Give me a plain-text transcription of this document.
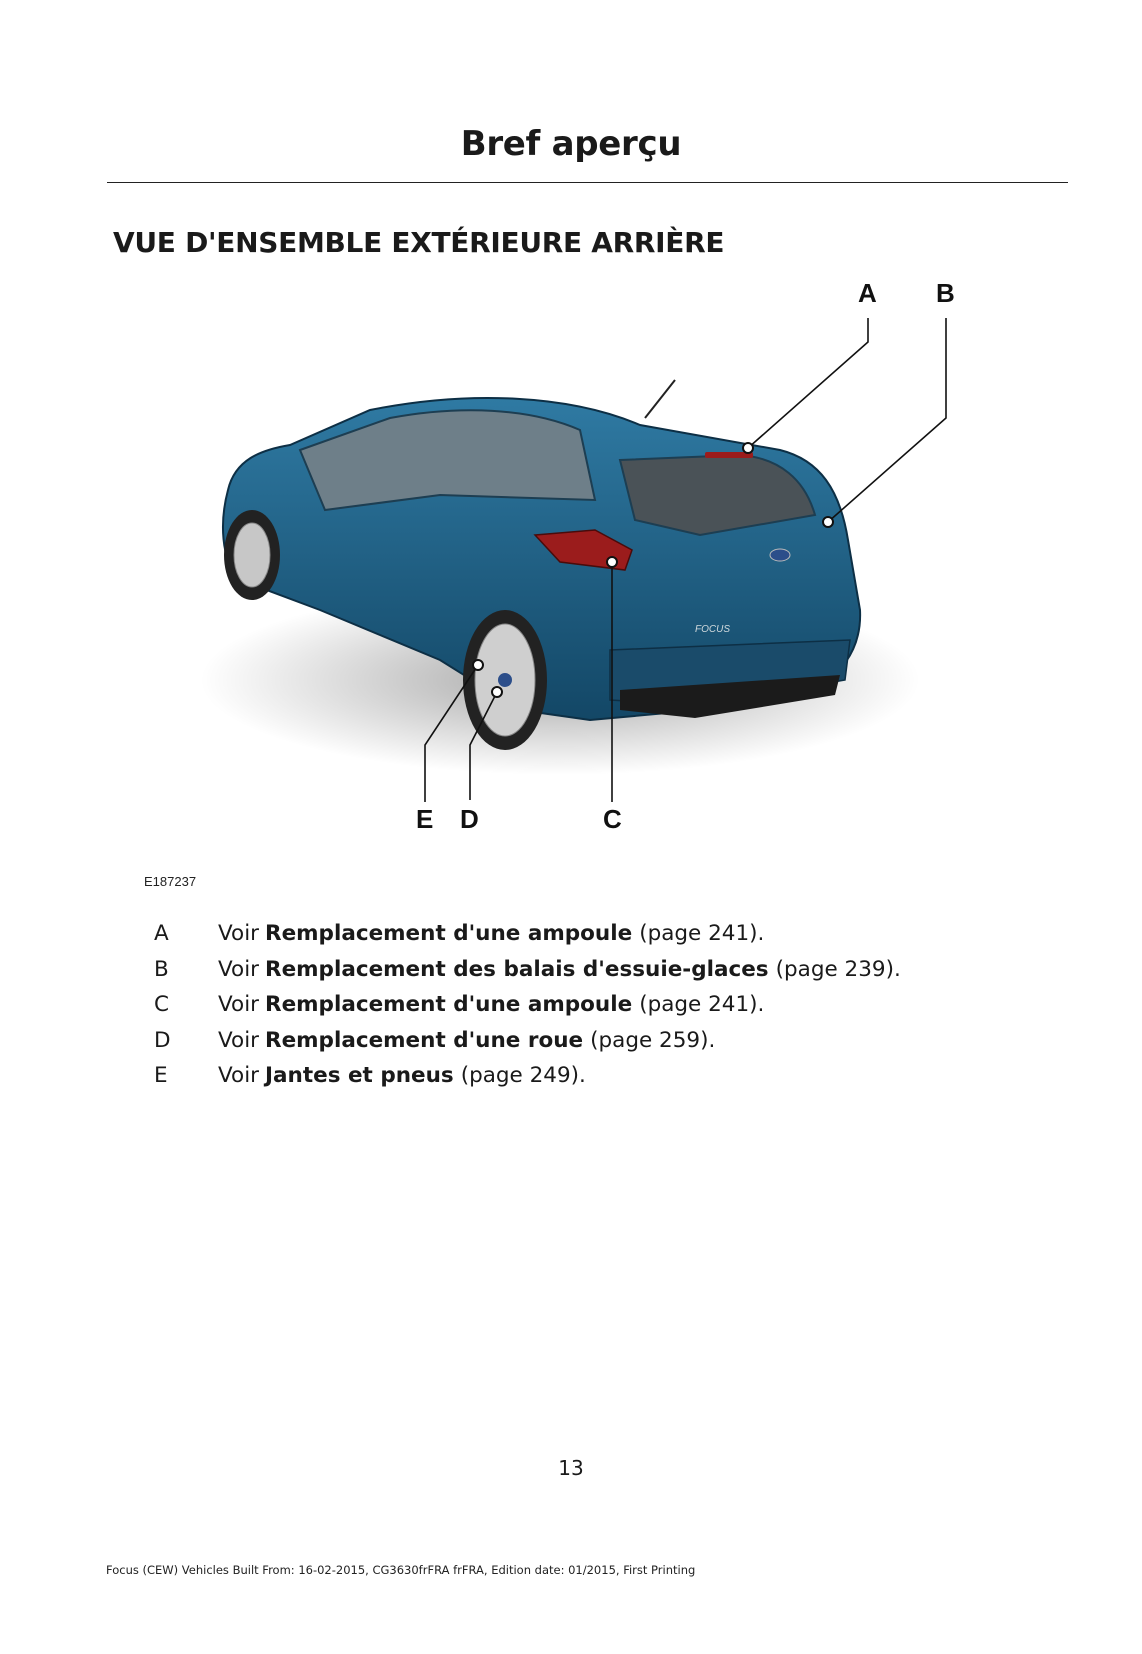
Bref aperçu
VUE D'ENSEMBLE EXTÉRIEURE ARRIÈRE
FOCUS
A B
C
D
E
E187237
A	Voir Remplacement d'une ampoule (page 241).
B	Voir Remplacement des balais d'essuie-glaces (page 239).
C	Voir Remplacement d'une ampoule (page 241).
D	Voir Remplacement d'une roue (page 259).
E	Voir Jantes et pneus (page 249).
13
Focus (CEW) Vehicles Built From: 16-02-2015, CG3630frFRA frFRA, Edition date: 01/2015, First Printing
